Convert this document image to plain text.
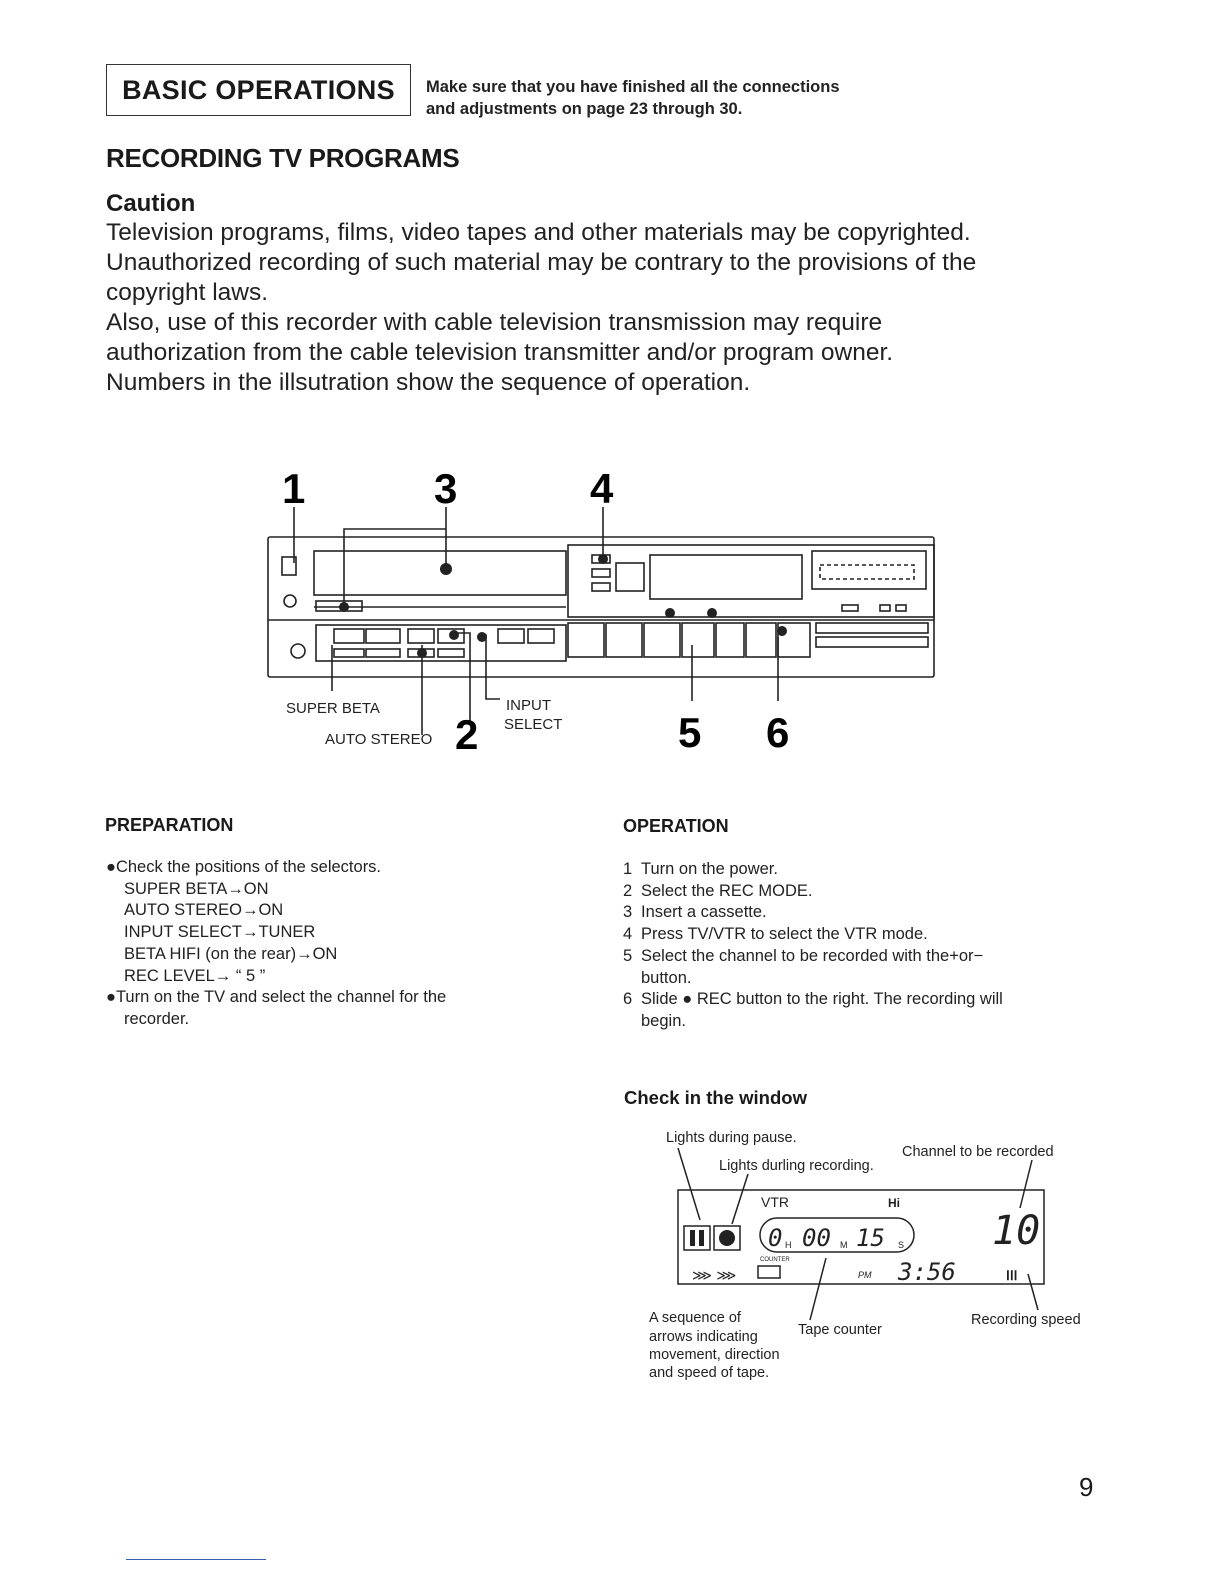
BASIC OPERATIONS Make sure that you have finished all the connections
and adjustments on page 23 through 30.
RECORDING TV PROGRAMS
Caution
Television programs, films, video tapes and other materials may be copyrighted.
Unauthorized recording of such material may be contrary to the provisions of the
copyright laws.
Also, use of this recorder with cable television transmission may require
authorization from the cable television transmitter and/or program owner.
Numbers in the illsutration show the sequence of operation.
1	3	4
2	5 6
SUPER BETA
AUTO STEREO
INPUT
SELECT
PREPARATION
●Check the positions of the selectors.
SUPER BETA→ON
AUTO STEREO→ON
INPUT SELECT→TUNER
BETA HIFI (on the rear)→ON
REC LEVEL→ “ 5 ”
●Turn on the TV and select the channel for the
recorder.
OPERATION
1 Turn on the power.
2 Select the REC MODE.
3 Insert a cassette.
4 Press TV/VTR to select the VTR mode.
5 Select the channel to be recorded with the+or−
button.
6 Slide ● REC button to the right. The recording will
begin.
Check in the window
Lights during pause.
Lights durling recording.
Channel to be recorded
A sequence of
arrows indicating
movement, direction
and speed of tape.
Tape counter
Recording speed
VTR	Hi
0 H 00 M 15 S
COUNTER
PM 3:56
10
ⅠⅠⅠ
⋙ ⋙
9
